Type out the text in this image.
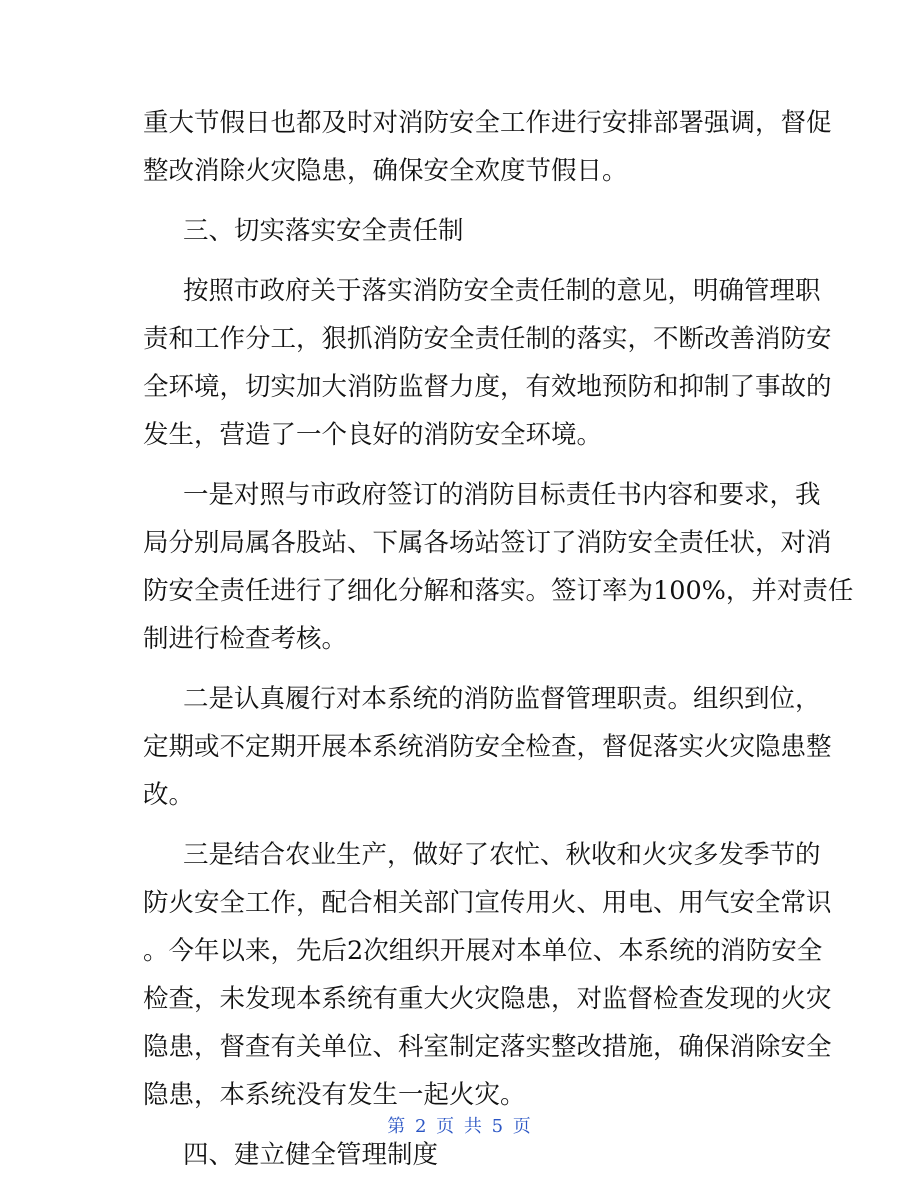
重大节假日也都及时对消防安全工作进行安排部署强调，督促
整改消除火灾隐患，确保安全欢度节假日。
三、切实落实安全责任制
按照市政府关于落实消防安全责任制的意见，明确管理职
责和工作分工，狠抓消防安全责任制的落实，不断改善消防安
全环境，切实加大消防监督力度，有效地预防和抑制了事故的
发生，营造了一个良好的消防安全环境。
一是对照与市政府签订的消防目标责任书内容和要求，我
局分别局属各股站、下属各场站签订了消防安全责任状，对消
防安全责任进行了细化分解和落实。签订率为100%，并对责任
制进行检查考核。
二是认真履行对本系统的消防监督管理职责。组织到位，
定期或不定期开展本系统消防安全检查，督促落实火灾隐患整
改。
三是结合农业生产，做好了农忙、秋收和火灾多发季节的
防火安全工作，配合相关部门宣传用火、用电、用气安全常识
。今年以来，先后2次组织开展对本单位、本系统的消防安全
检查，未发现本系统有重大火灾隐患，对监督检查发现的火灾
隐患，督查有关单位、科室制定落实整改措施，确保消除安全
隐患，本系统没有发生一起火灾。
四、建立健全管理制度
第 2 页 共 5 页
